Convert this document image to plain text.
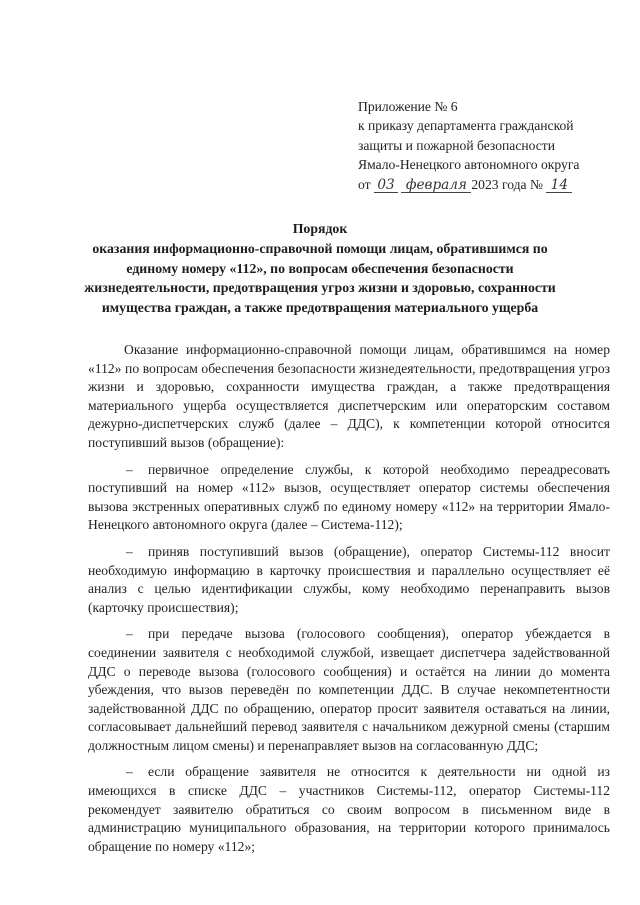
Приложение № 6
к приказу департамента гражданской
защиты и пожарной безопасности
Ямало-Ненецкого автономного округа
от 03 февраля 2023 года № 14
Порядок
оказания информационно-справочной помощи лицам, обратившимся по
единому номеру «112», по вопросам обеспечения безопасности
жизнедеятельности, предотвращения угроз жизни и здоровью, сохранности
имущества граждан, а также предотвращения материального ущерба

Оказание информационно-справочной помощи лицам, обратившимся на номер «112» по вопросам обеспечения безопасности жизнедеятельности, предотвращения угроз жизни и здоровью, сохранности имущества граждан, а также предотвращения материального ущерба осуществляется диспетчерским или операторским составом дежурно-диспетчерских служб (далее – ДДС), к компетенции которой относится поступивший вызов (обращение):

– первичное определение службы, к которой необходимо переадресовать поступивший на номер «112» вызов, осуществляет оператор системы обеспечения вызова экстренных оперативных служб по единому номеру «112» на территории Ямало-Ненецкого автономного округа (далее – Система-112);

– приняв поступивший вызов (обращение), оператор Системы-112 вносит необходимую информацию в карточку происшествия и параллельно осуществляет её анализ с целью идентификации службы, кому необходимо перенаправить вызов (карточку происшествия);

– при передаче вызова (голосового сообщения), оператор убеждается в соединении заявителя с необходимой службой, извещает диспетчера задействованной ДДС о переводе вызова (голосового сообщения) и остаётся на линии до момента убеждения, что вызов переведён по компетенции ДДС. В случае некомпетентности задействованной ДДС по обращению, оператор просит заявителя оставаться на линии, согласовывает дальнейший перевод заявителя с начальником дежурной смены (старшим должностным лицом смены) и перенаправляет вызов на согласованную ДДС;

– если обращение заявителя не относится к деятельности ни одной из имеющихся в списке ДДС – участников Системы-112, оператор Системы-112 рекомендует заявителю обратиться со своим вопросом в письменном виде в администрацию муниципального образования, на территории которого принималось обращение по номеру «112»;
